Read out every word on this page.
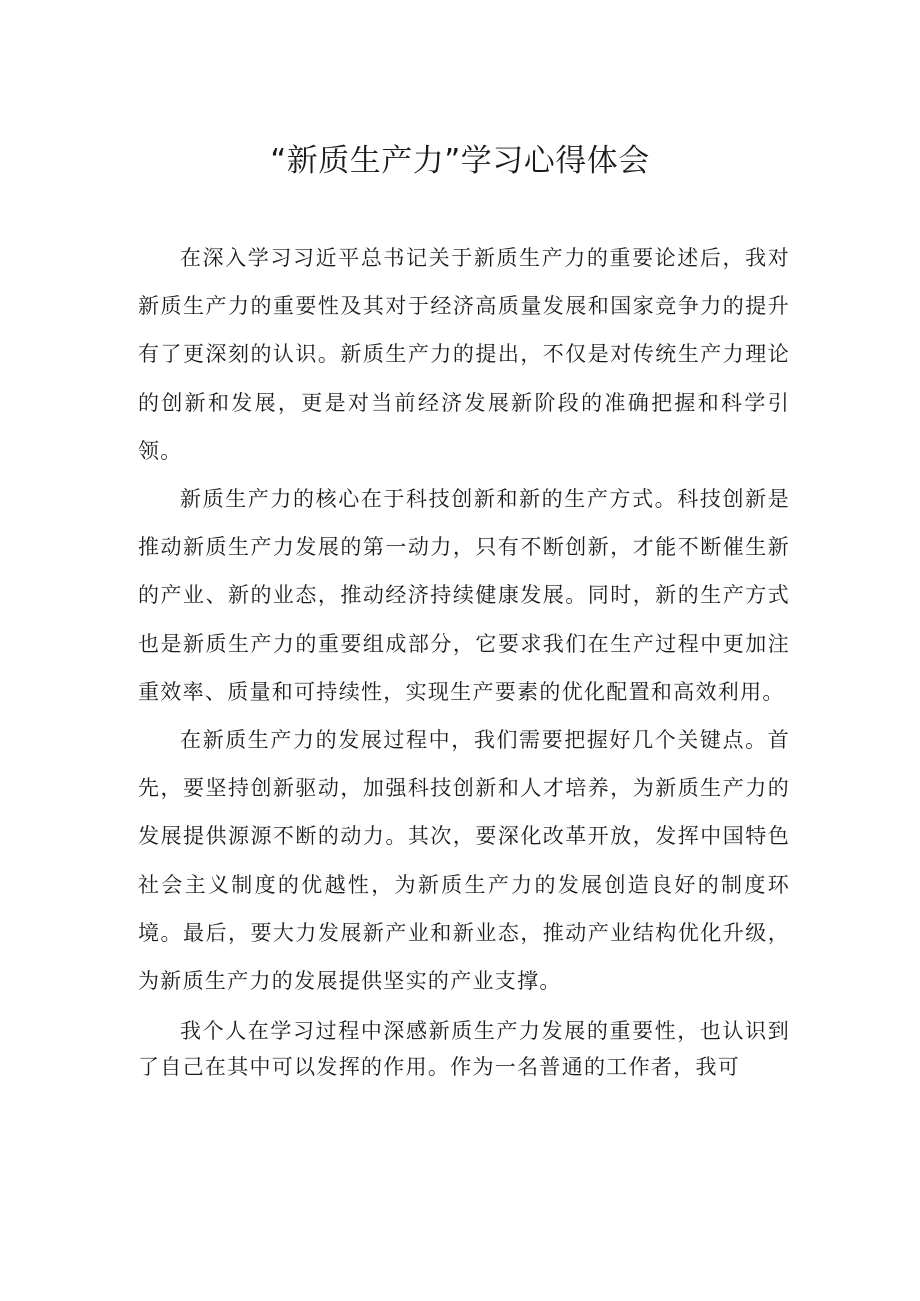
“新质生产力”学习心得体会

在深入学习习近平总书记关于新质生产力的重要论述后，我对新质生产力的重要性及其对于经济高质量发展和国家竞争力的提升有了更深刻的认识。新质生产力的提出，不仅是对传统生产力理论的创新和发展，更是对当前经济发展新阶段的准确把握和科学引领。

新质生产力的核心在于科技创新和新的生产方式。科技创新是推动新质生产力发展的第一动力，只有不断创新，才能不断催生新的产业、新的业态，推动经济持续健康发展。同时，新的生产方式也是新质生产力的重要组成部分，它要求我们在生产过程中更加注重效率、质量和可持续性，实现生产要素的优化配置和高效利用。

在新质生产力的发展过程中，我们需要把握好几个关键点。首先，要坚持创新驱动，加强科技创新和人才培养，为新质生产力的发展提供源源不断的动力。其次，要深化改革开放，发挥中国特色社会主义制度的优越性，为新质生产力的发展创造良好的制度环境。最后，要大力发展新产业和新业态，推动产业结构优化升级，为新质生产力的发展提供坚实的产业支撑。

我个人在学习过程中深感新质生产力发展的重要性，也认识到了自己在其中可以发挥的作用。作为一名普通的工作者，我可
